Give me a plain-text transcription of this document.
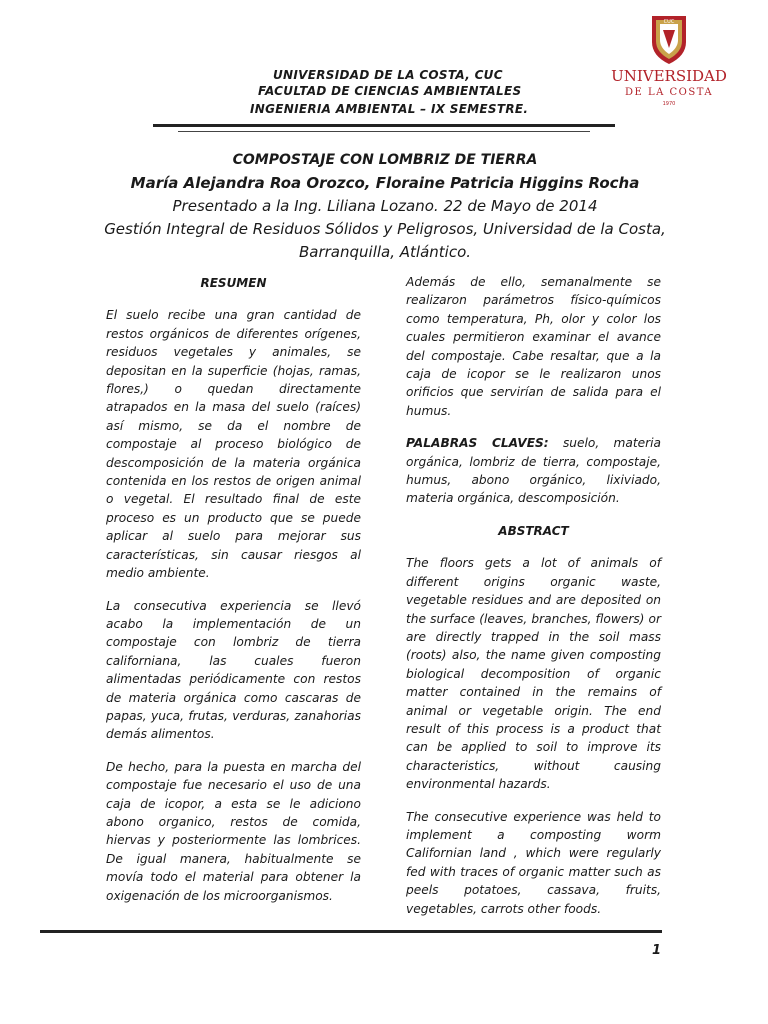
UNIVERSIDAD DE LA COSTA, CUC
FACULTAD DE CIENCIAS AMBIENTALES
INGENIERIA AMBIENTAL – IX SEMESTRE.
CUC
UNIVERSIDAD
DE LA COSTA
1970
COMPOSTAJE CON LOMBRIZ DE TIERRA
María Alejandra Roa Orozco, Floraine Patricia Higgins Rocha
Presentado a la Ing. Liliana Lozano. 22 de Mayo de 2014
Gestión Integral de Residuos Sólidos y Peligrosos, Universidad de la Costa,
Barranquilla, Atlántico.
RESUMEN

El suelo recibe una gran cantidad de restos orgánicos de diferentes orígenes, residuos vegetales y animales, se depositan en la superficie (hojas, ramas, flores,) o quedan directamente atrapados en la masa del suelo (raíces) así mismo, se da el nombre de compostaje al proceso biológico de descomposición de la materia orgánica contenida en los restos de origen animal o vegetal. El resultado final de este proceso es un producto que se puede aplicar al suelo para mejorar sus características, sin causar riesgos al medio ambiente.

La consecutiva experiencia se llevó acabo la implementación de un compostaje con lombriz de tierra californiana, las cuales fueron alimentadas periódicamente con restos de materia orgánica como cascaras de papas, yuca, frutas, verduras, zanahorias demás alimentos.

De hecho, para la puesta en marcha del compostaje fue necesario el uso de una caja de icopor, a esta se le adiciono abono organico, restos de comida, hiervas y posteriormente las lombrices. De igual manera, habitualmente se movía todo el material para obtener la oxigenación de los microorganismos.

Además de ello, semanalmente se realizaron parámetros físico-químicos como temperatura, Ph, olor y color los cuales permitieron examinar el avance del compostaje. Cabe resaltar, que a la caja de icopor se le realizaron unos orificios que servirían de salida para el humus.

PALABRAS CLAVES: suelo, materia orgánica, lombriz de tierra, compostaje, humus, abono orgánico, lixiviado, materia orgánica, descomposición.

ABSTRACT

The floors gets a lot of animals of different origins organic waste, vegetable residues and are deposited on the surface (leaves, branches, flowers) or are directly trapped in the soil mass (roots) also, the name given composting biological decomposition of organic matter contained in the remains of animal or vegetable origin. The end result of this process is a product that can be applied to soil to improve its characteristics, without causing environmental hazards.

The consecutive experience was held to implement a composting worm Californian land , which were regularly fed with traces of organic matter such as peels potatoes, cassava, fruits, vegetables, carrots other foods.

1
